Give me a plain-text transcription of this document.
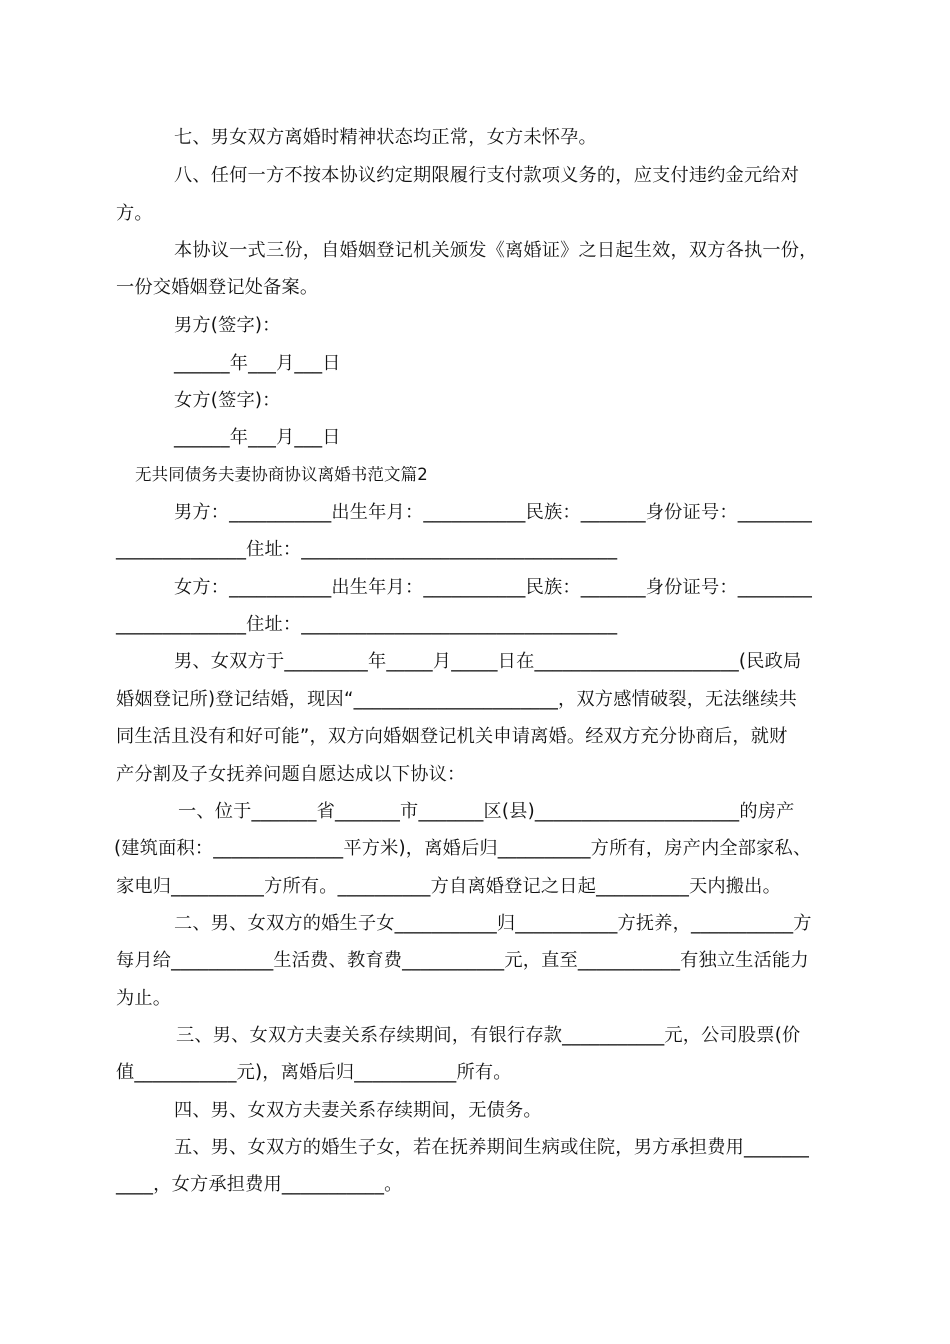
七、男女双方离婚时精神状态均正常，女方未怀孕。
八、任何一方不按本协议约定期限履行支付款项义务的，应支付违约金元给对
方。
本协议一式三份，自婚姻登记机关颁发《离婚证》之日起生效，双方各执一份，
一份交婚姻登记处备案。
男方(签字)：
______年___月___日
女方(签字)：
______年___月___日
无共同债务夫妻协商协议离婚书范文篇2
男方：___________出生年月：___________民族：_______身份证号：________
______________住址：__________________________________
女方：___________出生年月：___________民族：_______身份证号：________
______________住址：__________________________________
男、女双方于_________年_____月_____日在______________________(民政局
婚姻登记所)登记结婚，现因“______________________，双方感情破裂，无法继续共
同生活且没有和好可能”，双方向婚姻登记机关申请离婚。经双方充分协商后，就财
产分割及子女抚养问题自愿达成以下协议：
一、位于_______省_______市_______区(县)______________________的房产
(建筑面积：______________平方米)，离婚后归__________方所有，房产内全部家私、
家电归__________方所有。__________方自离婚登记之日起__________天内搬出。
二、男、女双方的婚生子女___________归___________方抚养，___________方
每月给___________生活费、教育费___________元，直至___________有独立生活能力
为止。
三、男、女双方夫妻关系存续期间，有银行存款___________元，公司股票(价
值___________元)，离婚后归___________所有。
四、男、女双方夫妻关系存续期间，无债务。
五、男、女双方的婚生子女，若在抚养期间生病或住院，男方承担费用_______
____，女方承担费用___________。
